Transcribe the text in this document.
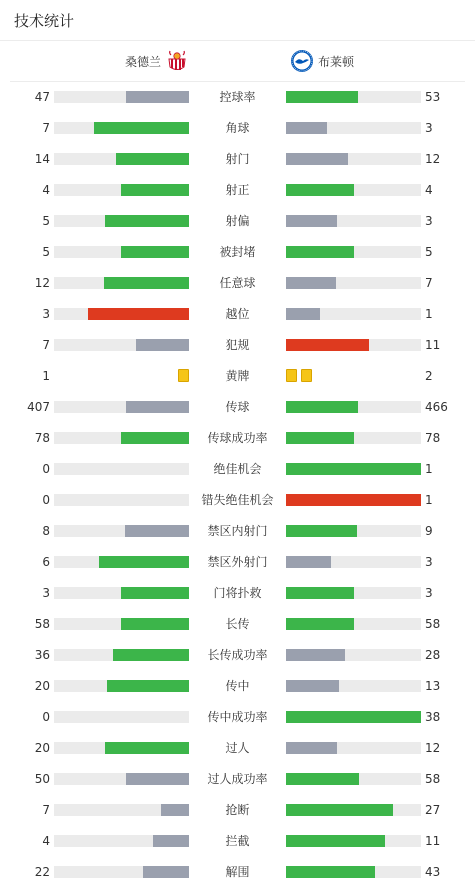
技术统计
桑德兰	布莱顿
47	控球率	53
7	角球	3
14	射门	12
4	射正	4
5	射偏	3
5	被封堵	5
12	任意球	7
3	越位	1
7	犯规	11
1	黄牌	2
407	传球	466
78	传球成功率	78
0	绝佳机会	1
0	错失绝佳机会	1
8	禁区内射门	9
6	禁区外射门	3
3	门将扑救	3
58	长传	58
36	长传成功率	28
20	传中	13
0	传中成功率	38
20	过人	12
50	过人成功率	58
7	抢断	27
4	拦截	11
22	解围	43
